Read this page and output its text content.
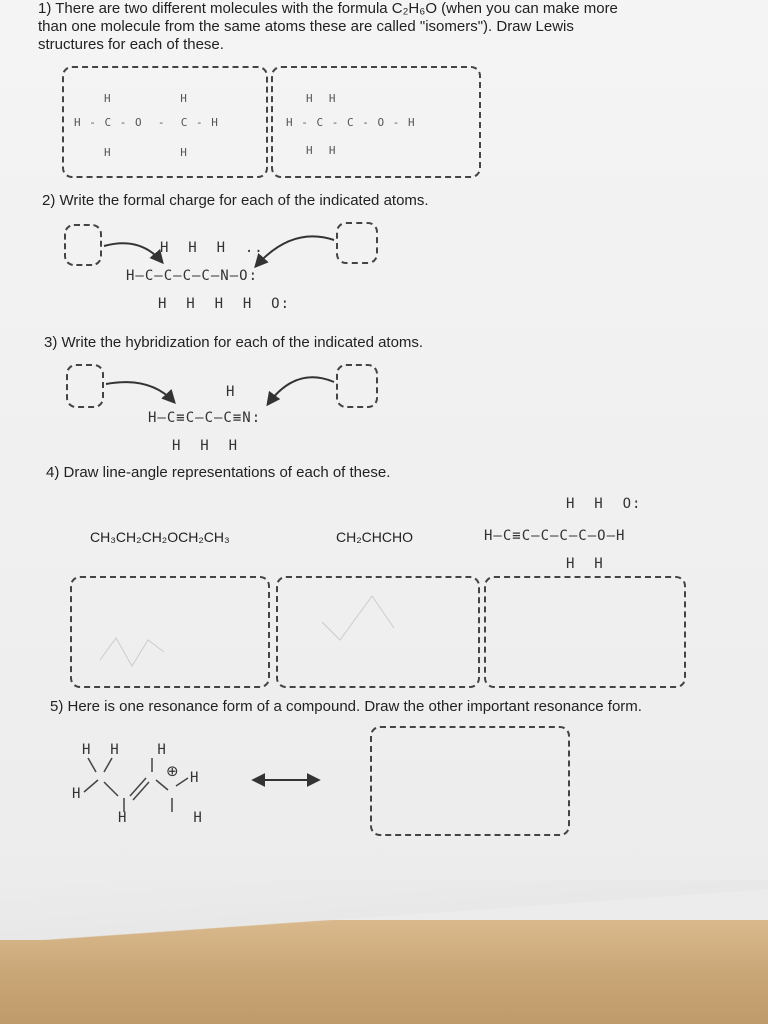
1) There are two different molecules with the formula C₂H₆O (when you can make more
than one molecule from the same atoms these are called "isomers"). Draw Lewis
structures for each of these.
H         H
H - C - O  -  C - H
H         H
H  H
H - C - C - O - H
H  H
2) Write the formal charge for each of the indicated atoms.
H  H  H  ..
H—C—C—C—C—N—O:
H  H  H  H  O:
3) Write the hybridization for each of the indicated atoms.
H
H—C≡C—C—C≡N:
H  H  H
4) Draw line-angle representations of each of these.
CH₃CH₂CH₂OCH₂CH₃	CH₂CHCHO
H  H  O:
H—C≡C—C—C—C—O—H
H  H
5) Here is one resonance form of a compound. Draw the other important resonance form.
H  H    H
H
H
H       H
⊕
